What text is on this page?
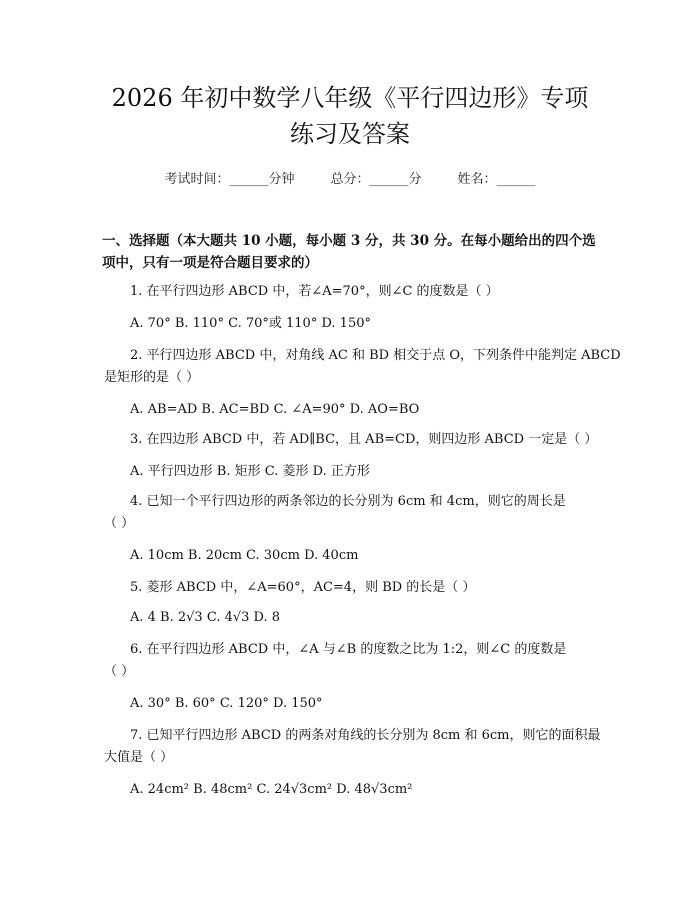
2026 年初中数学八年级《平行四边形》专项
练习及答案
考试时间：______分钟	总分：______分	姓名：______
一、选择题（本大题共 10 小题，每小题 3 分，共 30 分。在每小题给出的四个选
项中，只有一项是符合题目要求的）
1. 在平行四边形 ABCD 中，若∠A=70°，则∠C 的度数是（ ）
A. 70° B. 110° C. 70°或 110° D. 150°
2. 平行四边形 ABCD 中，对角线 AC 和 BD 相交于点 O，下列条件中能判定 ABCD
是矩形的是（ ）
A. AB=AD B. AC=BD C. ∠A=90° D. AO=BO
3. 在四边形 ABCD 中，若 AD∥BC，且 AB=CD，则四边形 ABCD 一定是（ ）
A. 平行四边形 B. 矩形 C. 菱形 D. 正方形
4. 已知一个平行四边形的两条邻边的长分别为 6cm 和 4cm，则它的周长是
（ ）
A. 10cm B. 20cm C. 30cm D. 40cm
5. 菱形 ABCD 中，∠A=60°，AC=4，则 BD 的长是（ ）
A. 4 B. 2√3 C. 4√3 D. 8
6. 在平行四边形 ABCD 中，∠A 与∠B 的度数之比为 1:2，则∠C 的度数是
（ ）
A. 30° B. 60° C. 120° D. 150°
7. 已知平行四边形 ABCD 的两条对角线的长分别为 8cm 和 6cm，则它的面积最
大值是（ ）
A. 24cm² B. 48cm² C. 24√3cm² D. 48√3cm²
